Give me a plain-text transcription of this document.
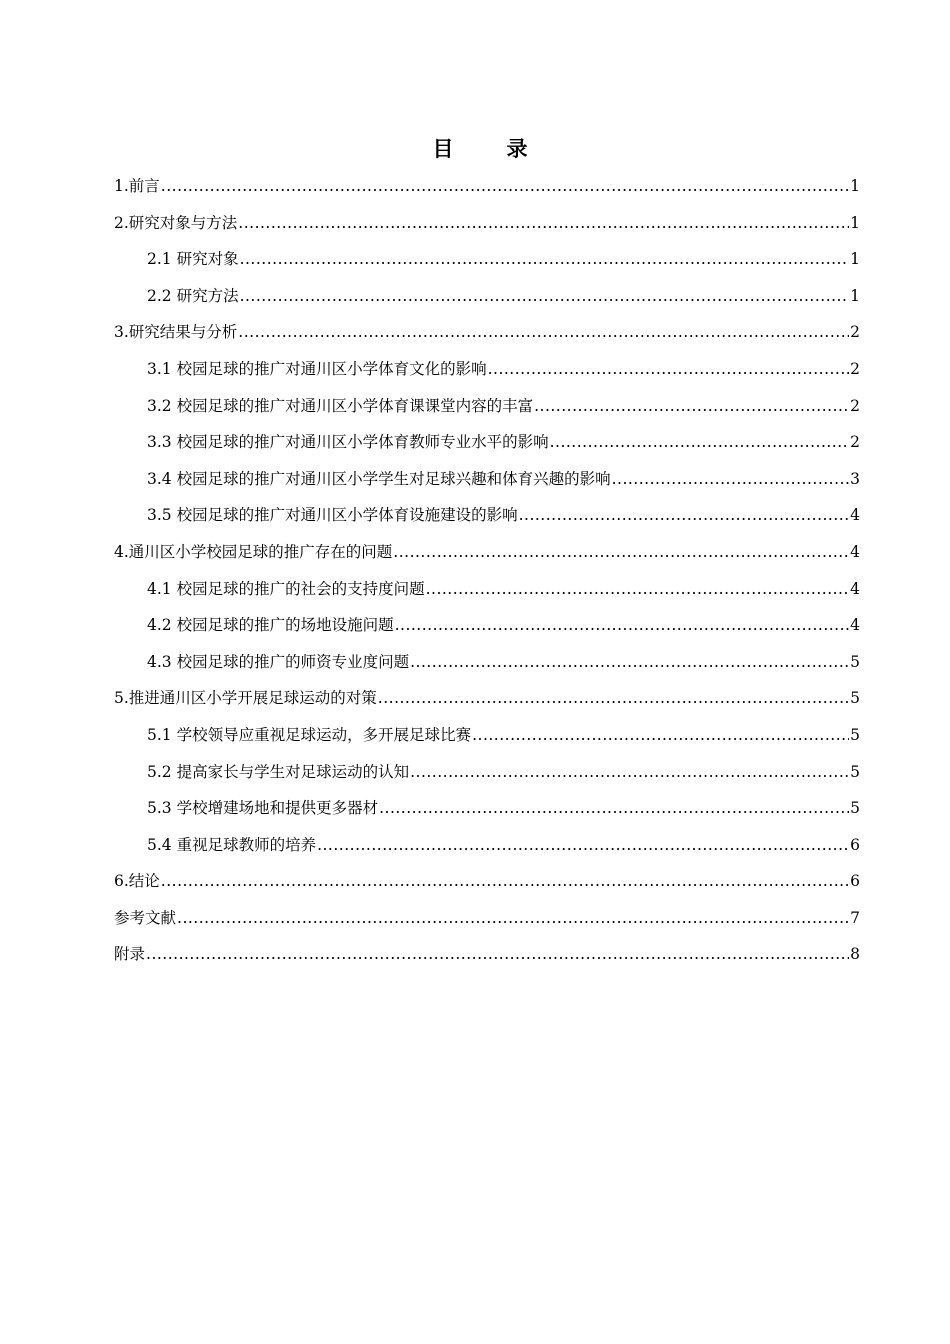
目　录
1.前言 .....	1
2.研究对象与方法 .....	1
2.1 研究对象 .....	1
2.2 研究方法 .....	1
3.研究结果与分析 .....	2
3.1 校园足球的推广对通川区小学体育文化的影响 .....	2
3.2 校园足球的推广对通川区小学体育课课堂内容的丰富 .....	2
3.3 校园足球的推广对通川区小学体育教师专业水平的影响 .....	2
3.4 校园足球的推广对通川区小学学生对足球兴趣和体育兴趣的影响 .....	3
3.5 校园足球的推广对通川区小学体育设施建设的影响 .....	4
4.通川区小学校园足球的推广存在的问题 .....	4
4.1 校园足球的推广的社会的支持度问题 .....	4
4.2 校园足球的推广的场地设施问题 .....	4
4.3 校园足球的推广的师资专业度问题 .....	5
5.推进通川区小学开展足球运动的对策 .....	5
5.1 学校领导应重视足球运动，多开展足球比赛 .....	5
5.2 提高家长与学生对足球运动的认知 .....	5
5.3 学校增建场地和提供更多器材 .....	5
5.4 重视足球教师的培养 .....	6
6.结论 .....	6
参考文献 .....	7
附录 .....	8
